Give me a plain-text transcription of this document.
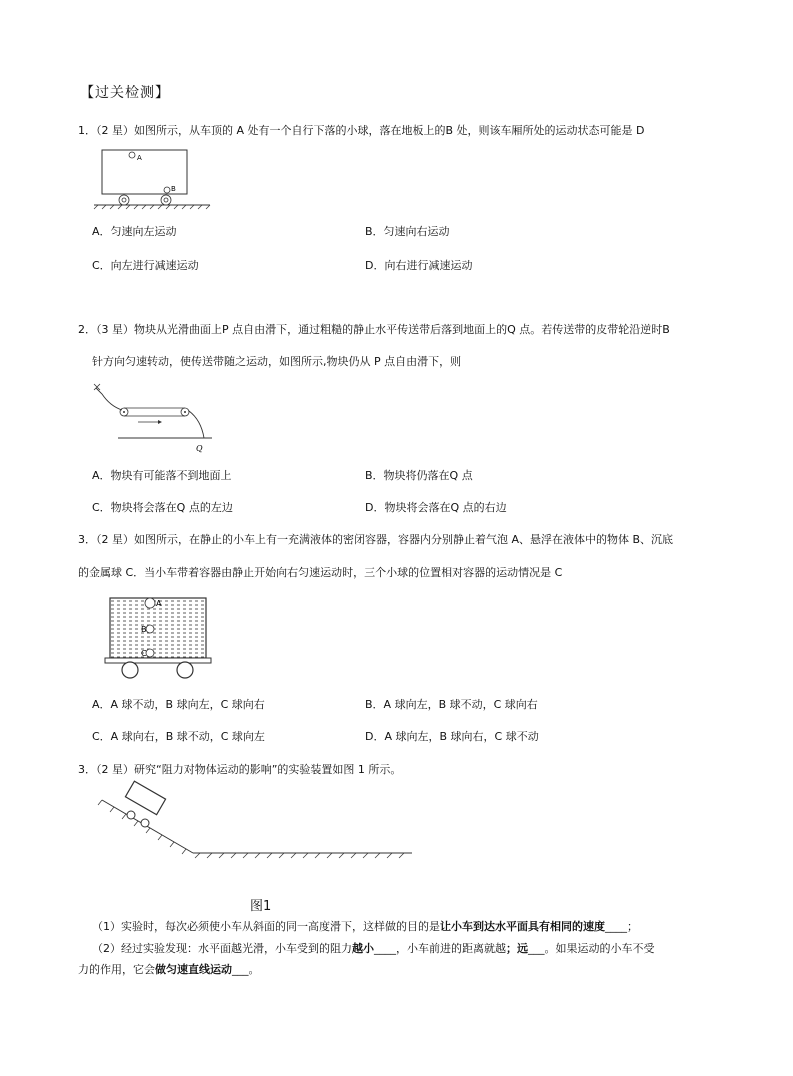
【过关检测】
1．（2 星）如图所示，从车顶的 A 处有一个自行下落的小球，落在地板上的B 处，则该车厢所处的运动状态可能是 D
A
B
A．匀速向左运动	B．匀速向右运动
C．向左进行减速运动	D．向右进行减速运动
2．（3 星）物块从光滑曲面上P 点自由滑下，通过粗糙的静止水平传送带后落到地面上的Q 点。若传送带的皮带轮沿逆时B
针方向匀速转动，使传送带随之运动，如图所示,物块仍从 P 点自由滑下，则
Q
A．物块有可能落不到地面上	B．物块将仍落在Q 点
C．物块将会落在Q 点的左边	D．物块将会落在Q 点的右边
3．（2 星）如图所示，在静止的小车上有一充满液体的密闭容器，容器内分别静止着气泡 A、悬浮在液体中的物体 B、沉底
的金属球 C．当小车带着容器由静止开始向右匀速运动时，三个小球的位置相对容器的运动情况是 C
A
B
C
A．A 球不动，B 球向左，C 球向右	B．A 球向左，B 球不动，C 球向右
C．A 球向右，B 球不动，C 球向左	D．A 球向左，B 球向右，C 球不动
3．（2 星）研究“阻力对物体运动的影响”的实验装置如图 1 所示。
图1
（1）实验时，每次必须使小车从斜面的同一高度滑下，这样做的目的是让小车到达水平面具有相同的速度____；
（2）经过实验发现：水平面越光滑，小车受到的阻力越小____，小车前进的距离就越；远___。如果运动的小车不受
力的作用，它会做匀速直线运动___。
